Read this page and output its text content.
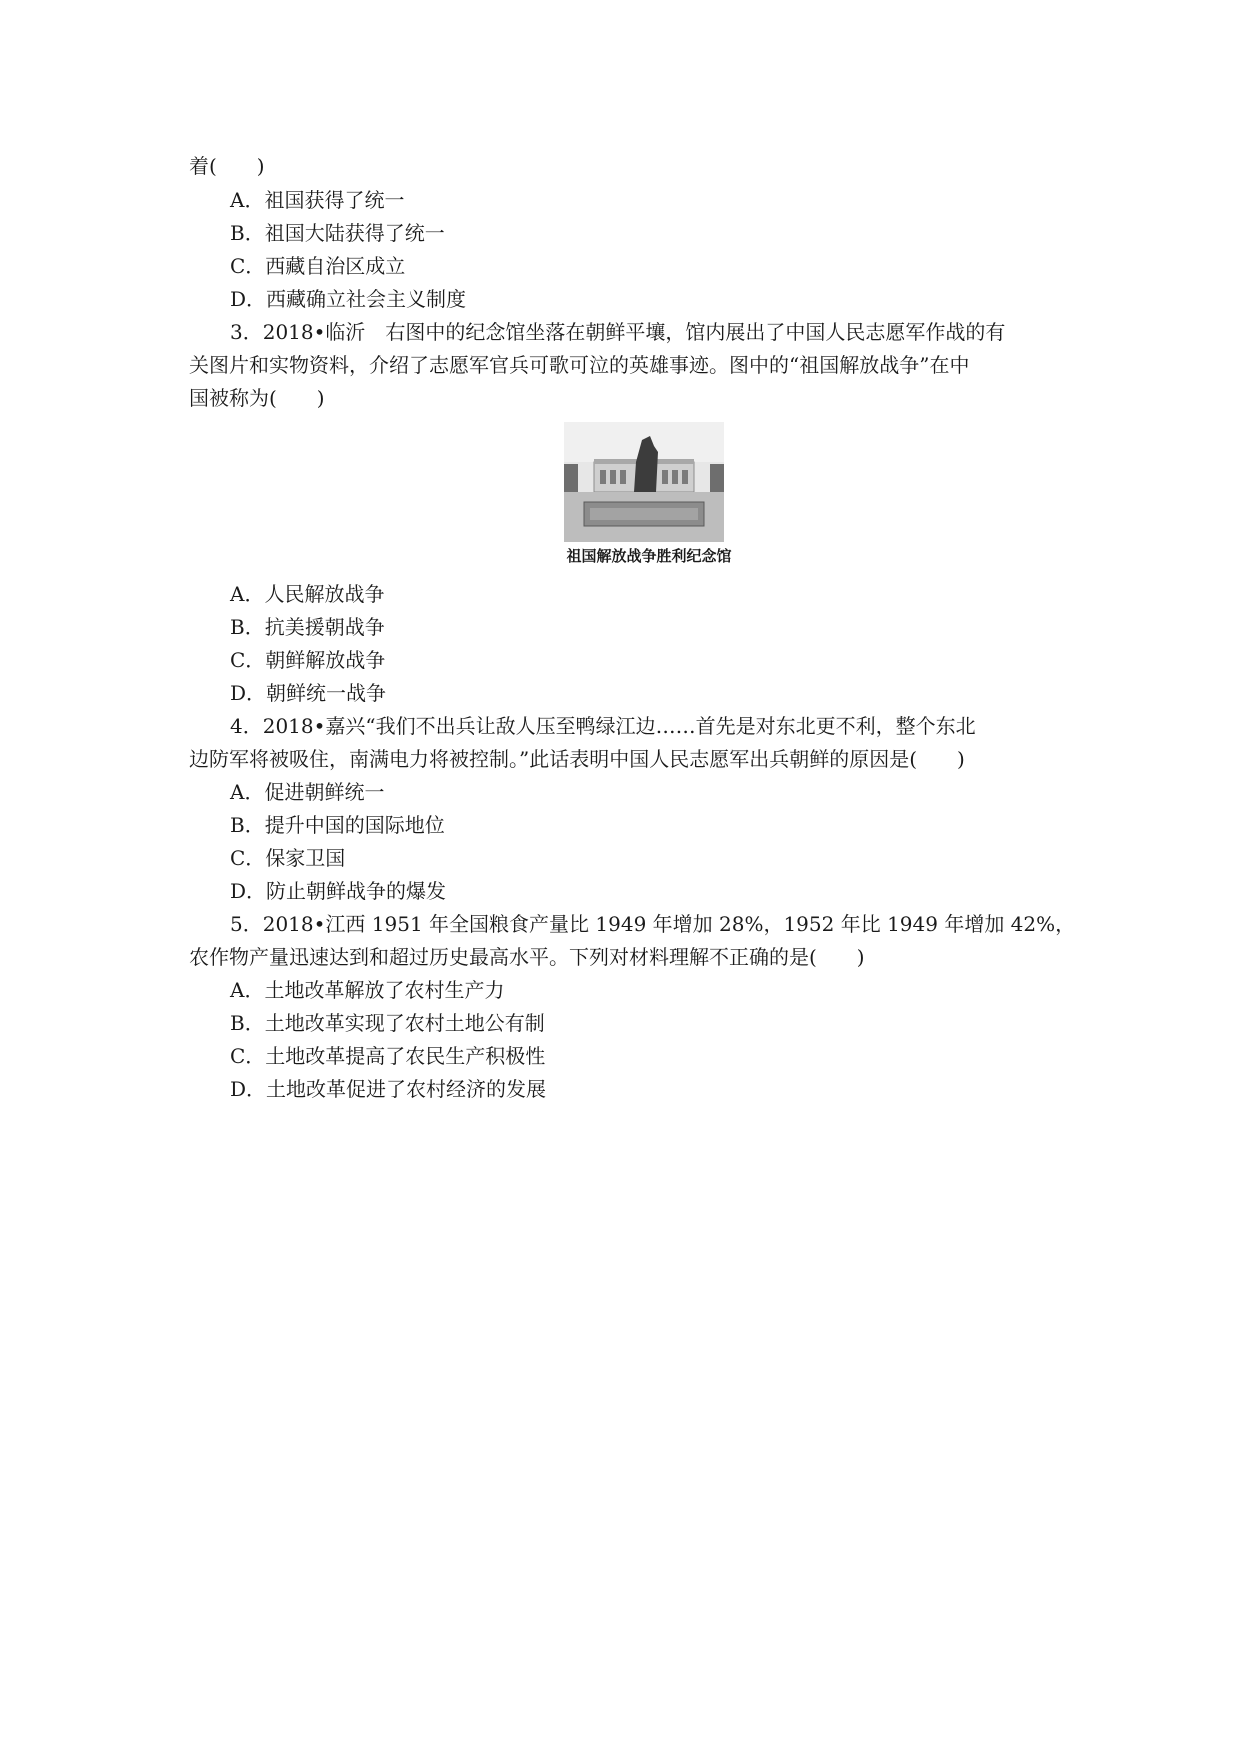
着(　　)
A．祖国获得了统一
B．祖国大陆获得了统一
C．西藏自治区成立
D．西藏确立社会主义制度
3．2018•临沂　右图中的纪念馆坐落在朝鲜平壤，馆内展出了中国人民志愿军作战的有
关图片和实物资料，介绍了志愿军官兵可歌可泣的英雄事迹。图中的“祖国解放战争”在中
国被称为(　　)
祖国解放战争胜利纪念馆
A．人民解放战争
B．抗美援朝战争
C．朝鲜解放战争
D．朝鲜统一战争
4．2018•嘉兴“我们不出兵让敌人压至鸭绿江边……首先是对东北更不利，整个东北
边防军将被吸住，南满电力将被控制。”此话表明中国人民志愿军出兵朝鲜的原因是(　　)
A．促进朝鲜统一
B．提升中国的国际地位
C．保家卫国
D．防止朝鲜战争的爆发
5．2018•江西 1951 年全国粮食产量比 1949 年增加 28%，1952 年比 1949 年增加 42%，
农作物产量迅速达到和超过历史最高水平。下列对材料理解不正确的是(　　)
A．土地改革解放了农村生产力
B．土地改革实现了农村土地公有制
C．土地改革提高了农民生产积极性
D．土地改革促进了农村经济的发展
